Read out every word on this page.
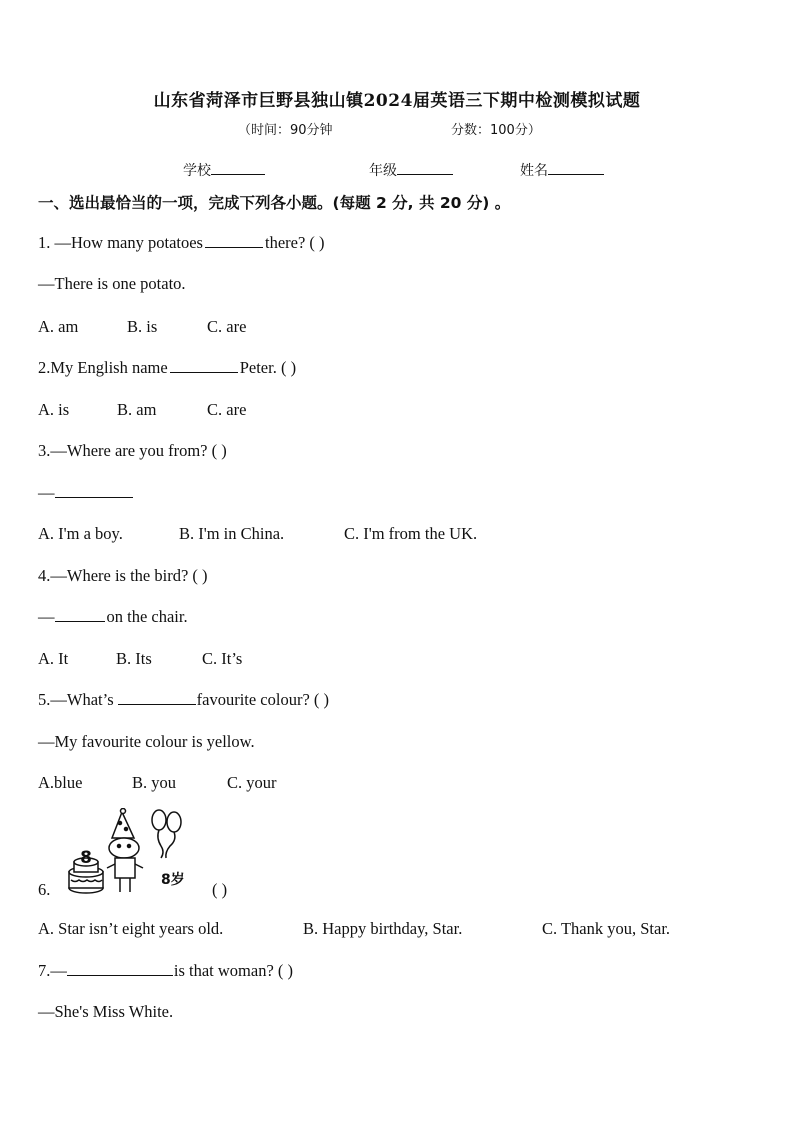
山东省菏泽市巨野县独山镇2024届英语三下期中检测模拟试题
（时间：90分钟	分数：100分）
学校	年级	姓名
一、选出最恰当的一项，完成下列各小题。(每题 2 分, 共 20 分) 。
1. —How many potatoes	there? ( )
—There is one potato.
A. am	B. is	C. are
2.My English name	Peter. ( )
A. is	B. am	C. are
3.—Where are you from? ( )
—
A. I'm a boy.	B. I'm in China.	C. I'm from the UK.
4.—Where is the bird? ( )
—	on the chair.
A. It	B. Its	C. It’s
5.—What’s	favourite colour? ( )
—My favourite colour is yellow.
A.blue	B. you	C. your
6.
8
8岁 ( )
A. Star isn’t eight years old.	B. Happy birthday, Star.	C. Thank you, Star.
7.—	is that woman? ( )
—She's Miss White.
